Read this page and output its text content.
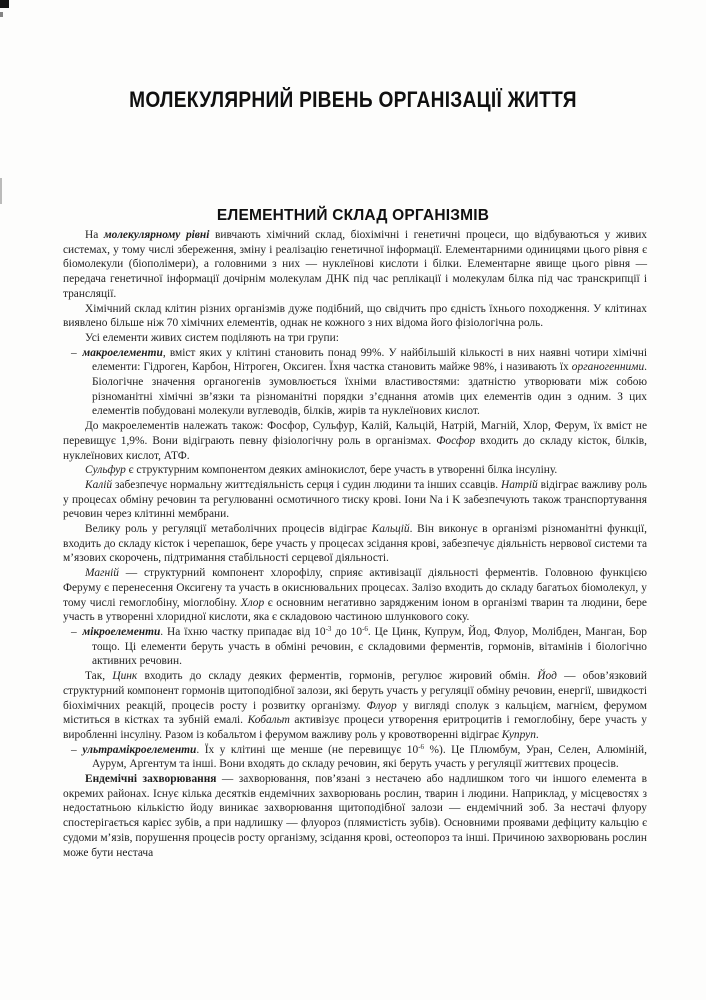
МОЛЕКУЛЯРНИЙ РІВЕНЬ ОРГАНІЗАЦІЇ ЖИТТЯ
ЕЛЕМЕНТНИЙ СКЛАД ОРГАНІЗМІВ

На молекулярному рівні вивчають хімічний склад, біохімічні і генетичні процеси, що відбуваються у живих системах, у тому числі збереження, зміну і реалізацію генетичної інформації. Елементарними одиницями цього рівня є біомолекули (біополімери), а головними з них — нуклеїнові кислоти і білки. Елементарне явище цього рівня — передача генетичної інформації дочірнім молекулам ДНК під час реплікації і молекулам білка під час транскрипції і трансляції.

Хімічний склад клітин різних організмів дуже подібний, що свідчить про єдність їхнього походження. У клітинах виявлено більше ніж 70 хімічних елементів, однак не кожного з них відома його фізіологічна роль.

Усі елементи живих систем поділяють на три групи:

– макроелементи, вміст яких у клітині становить понад 99%. У найбільшій кількості в них наявні чотири хімічні елементи: Гідроген, Карбон, Нітроген, Оксиген. Їхня частка становить майже 98%, і називають їх органогенними. Біологічне значення органогенів зумовлюється їхніми властивостями: здатністю утворювати між собою різноманітні хімічні зв’язки та різноманітні порядки з’єднання атомів цих елементів один з одним. З цих елементів побудовані молекули вуглеводів, білків, жирів та нуклеїнових кислот.

До макроелементів належать також: Фосфор, Сульфур, Калій, Кальцій, Натрій, Магній, Хлор, Ферум, їх вміст не перевищує 1,9%. Вони відіграють певну фізіологічну роль в організмах. Фосфор входить до складу кісток, білків, нуклеїнових кислот, АТФ.

Сульфур є структурним компонентом деяких амінокислот, бере участь в утворенні білка інсуліну.

Калій забезпечує нормальну життєдіяльність серця і судин людини та інших ссавців. Натрій відіграє важливу роль у процесах обміну речовин та регулюванні осмотичного тиску крові. Іони Na і K забезпечують також транспортування речовин через клітинні мембрани.

Велику роль у регуляції метаболічних процесів відіграє Кальцій. Він виконує в організмі різноманітні функції, входить до складу кісток і черепашок, бере участь у процесах зсідання крові, забезпечує діяльність нервової системи та м’язових скорочень, підтримання стабільності серцевої діяльності.

Магній — структурний компонент хлорофілу, сприяє активізації діяльності ферментів. Головною функцією Феруму є перенесення Оксигену та участь в окиснювальних процесах. Залізо входить до складу багатьох біомолекул, у тому числі гемоглобіну, міоглобіну. Хлор є основним негативно зарядженим іоном в організмі тварин та людини, бере участь в утворенні хлоридної кислоти, яка є складовою частиною шлункового соку.

– мікроелементи. На їхню частку припадає від $10^{-3}$ до $10^{-6}$. Це Цинк, Купрум, Йод, Флуор, Молібден, Манган, Бор тощо. Ці елементи беруть участь в обміні речовин, є складовими ферментів, гормонів, вітамінів і біологічно активних речовин.

Так, Цинк входить до складу деяких ферментів, гормонів, регулює жировий обмін. Йод — обов’язковий структурний компонент гормонів щитоподібної залози, які беруть участь у регуляції обміну речовин, енергії, швидкості біохімічних реакцій, процесів росту і розвитку організму. Флуор у вигляді сполук з кальцієм, магнієм, ферумом міститься в кістках та зубній емалі. Кобальт активізує процеси утворення еритроцитів і гемоглобіну, бере участь у виробленні інсуліну. Разом із кобальтом і ферумом важливу роль у кровотворенні відіграє Купруп.

– ультрамікроелементи. Їх у клітині ще менше (не перевищує $10^{-6}$ %). Це Плюмбум, Уран, Селен, Алюміній, Аурум, Аргентум та інші. Вони входять до складу речовин, які беруть участь у регуляції життєвих процесів.

Ендемічні захворювання — захворювання, пов’язані з нестачею або надлишком того чи іншого елемента в окремих районах. Існує кілька десятків ендемічних захворювань рослин, тварин і людини. Наприклад, у місцевостях з недостатньою кількістю йоду виникає захворювання щитоподібної залози — ендемічний зоб. За нестачі флуору спостерігається карієс зубів, а при надлишку — флуороз (плямистість зубів). Основними проявами дефіциту кальцію є судоми м’язів, порушення процесів росту організму, зсідання крові, остеопороз та інші. Причиною захворювань рослин може бути нестача
